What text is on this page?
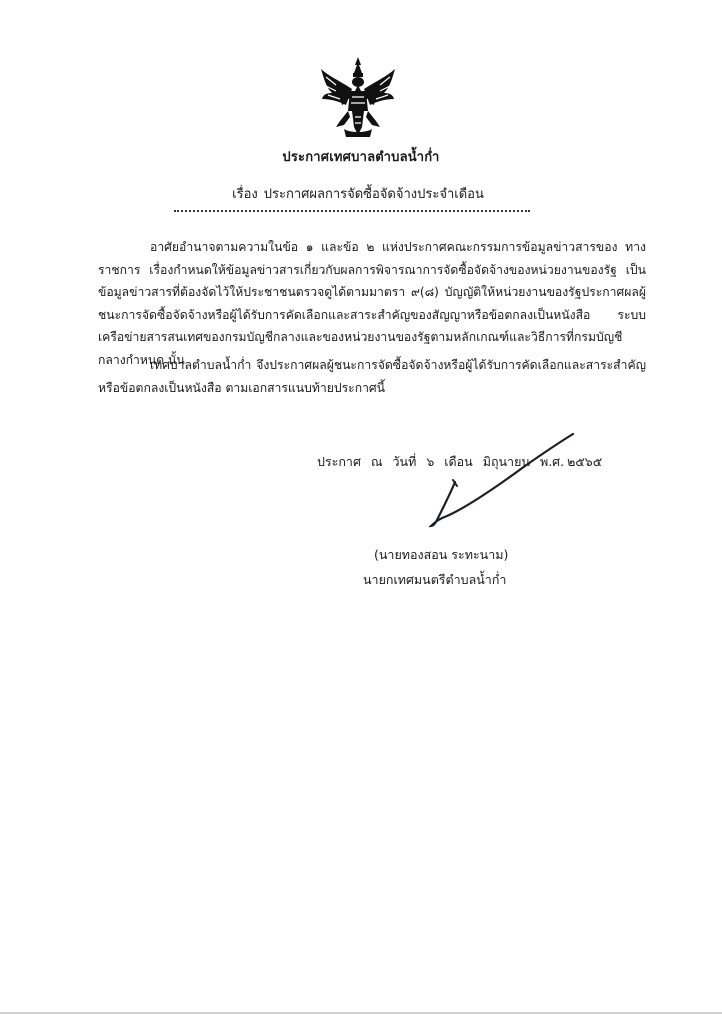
ประกาศเทศบาลตำบลน้ำก่ำ
เรื่อง ประกาศผลการจัดซื้อจัดจ้างประจำเดือน
อาศัยอำนาจตามความในข้อ ๑ และข้อ ๒ แห่งประกาศคณะกรรมการข้อมูลข่าวสารของ ทางราชการ เรื่องกำหนดให้ข้อมูลข่าวสารเกี่ยวกับผลการพิจารณาการจัดซื้อจัดจ้างของหน่วยงานของรัฐ เป็นข้อมูลข่าวสารที่ต้องจัดไว้ให้ประชาชนตรวจดูได้ตามมาตรา ๙(๘) บัญญัติให้หน่วยงานของรัฐประกาศผลผู้ชนะการจัดซื้อจัดจ้างหรือผู้ได้รับการคัดเลือกและสาระสำคัญของสัญญาหรือข้อตกลงเป็นหนังสือ ระบบเครือข่ายสารสนเทศของกรมบัญชีกลางและของหน่วยงานของรัฐตามหลักเกณฑ์และวิธีการที่กรมบัญชีกลางกำหนด นั้น
เทศบาลตำบลน้ำก่ำ จึงประกาศผลผู้ชนะการจัดซื้อจัดจ้างหรือผู้ได้รับการคัดเลือกและสาระสำคัญหรือข้อตกลงเป็นหนังสือ ตามเอกสารแนบท้ายประกาศนี้
ประกาศ ณ วันที่ ๖ เดือน มิถุนายน พ.ศ. ๒๕๖๕
(นายทองสอน ระทะนาม)
นายกเทศมนตรีตำบลน้ำก่ำ
